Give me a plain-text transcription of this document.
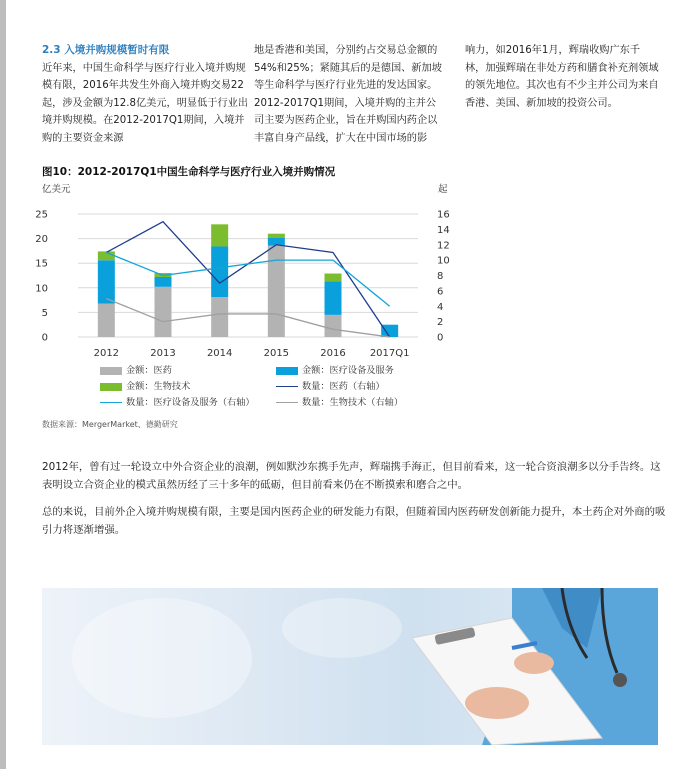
2.3 入境并购规模暂时有限
近年来，中国生命科学与医疗行业入境并购规模有限，2016年共发生外商入境并购交易22起，涉及金额为12.8亿美元，明显低于行业出境并购规模。在2012-2017Q1期间，入境并购的主要资金来源
地是香港和美国，分别约占交易总金额的54%和25%；紧随其后的是德国、新加坡等生命科学与医疗行业先进的发达国家。2012-2017Q1期间，入境并购的主并公司主要为医药企业，旨在并购国内药企以丰富自身产品线，扩大在中国市场的影
响力，如2016年1月，辉瑞收购广东千林，加强辉瑞在非处方药和膳食补充剂领域的领先地位。其次也有不少主并公司为来自香港、美国、新加坡的投资公司。
图10：2012-2017Q1中国生命科学与医疗行业入境并购情况
0
5
10
15
20
25
0
2
4
6
8
10
12
14
16
亿美元	起
2012	2013	2014	2015	2016 2017Q1
金额：医药	金额：医疗设备及服务
金额：生物技术	数量：医药（右轴）
数量：医疗设备及服务（右轴）	数量：生物技术（右轴）
数据来源：MergerMarket、德勤研究
2012年，曾有过一轮设立中外合资企业的浪潮，例如默沙东携手先声，辉瑞携手海正，但目前看来，这一轮合资浪潮多以分手告终。这表明设立合资企业的模式虽然历经了三十多年的砥砺，但目前看来仍在不断摸索和磨合之中。
总的来说，目前外企入境并购规模有限，主要是国内医药企业的研发能力有限，但随着国内医药研发创新能力提升，本土药企对外商的吸引力将逐渐增强。
